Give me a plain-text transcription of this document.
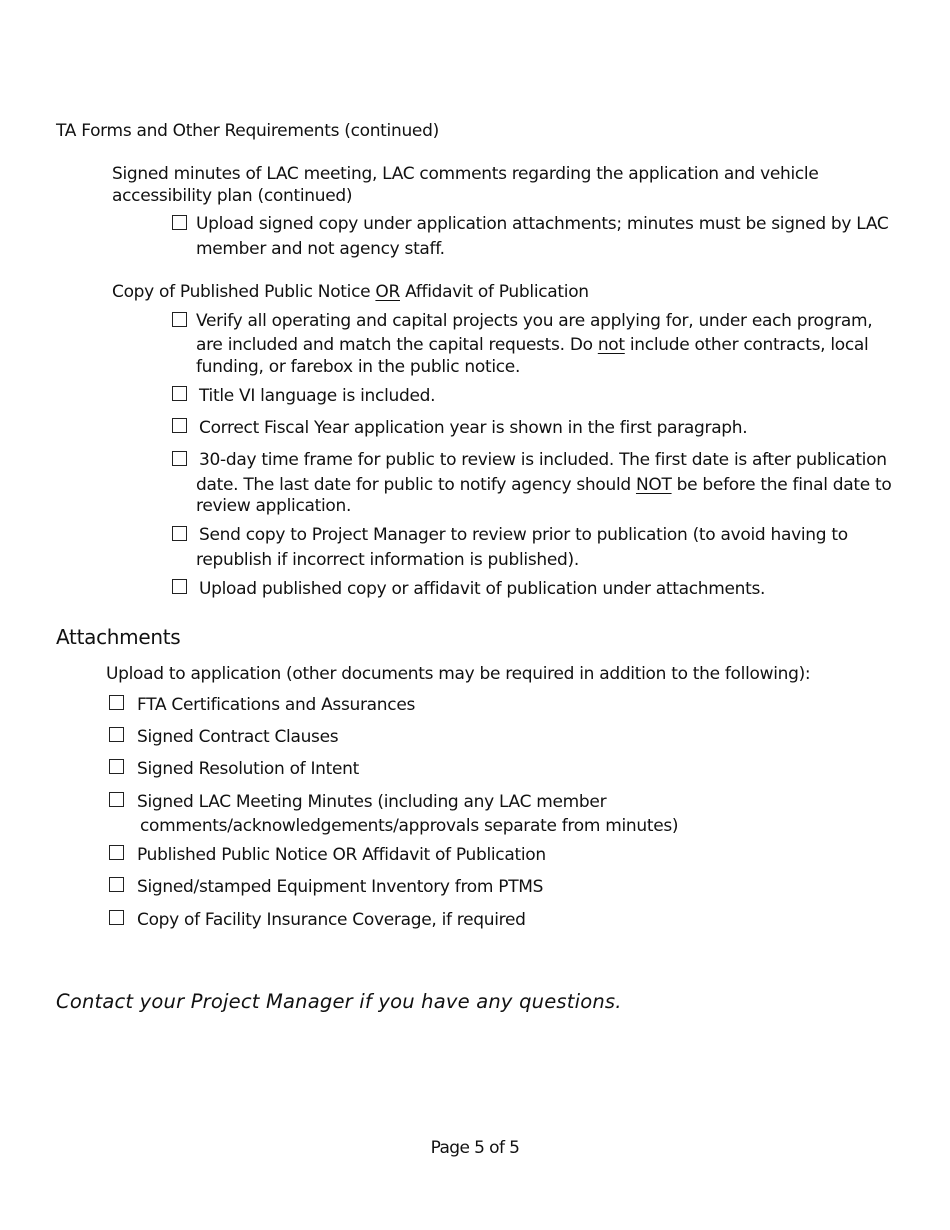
TA Forms and Other Requirements (continued)
Signed minutes of LAC meeting, LAC comments regarding the application and vehicle
accessibility plan (continued)
Upload signed copy under application attachments; minutes must be signed by LAC
member and not agency staff.
Copy of Published Public Notice OR Affidavit of Publication
Verify all operating and capital projects you are applying for, under each program,
are included and match the capital requests. Do not include other contracts, local
funding, or farebox in the public notice.
Title VI language is included.
Correct Fiscal Year application year is shown in the first paragraph.
30-day time frame for public to review is included. The first date is after publication
date. The last date for public to notify agency should NOT be before the final date to
review application.
Send copy to Project Manager to review prior to publication (to avoid having to
republish if incorrect information is published).
Upload published copy or affidavit of publication under attachments.
Attachments
Upload to application (other documents may be required in addition to the following):
FTA Certifications and Assurances
Signed Contract Clauses
Signed Resolution of Intent
Signed LAC Meeting Minutes (including any LAC member
comments/acknowledgements/approvals separate from minutes)
Published Public Notice OR Affidavit of Publication
Signed/stamped Equipment Inventory from PTMS
Copy of Facility Insurance Coverage, if required
Contact your Project Manager if you have any questions.
Page 5 of 5
